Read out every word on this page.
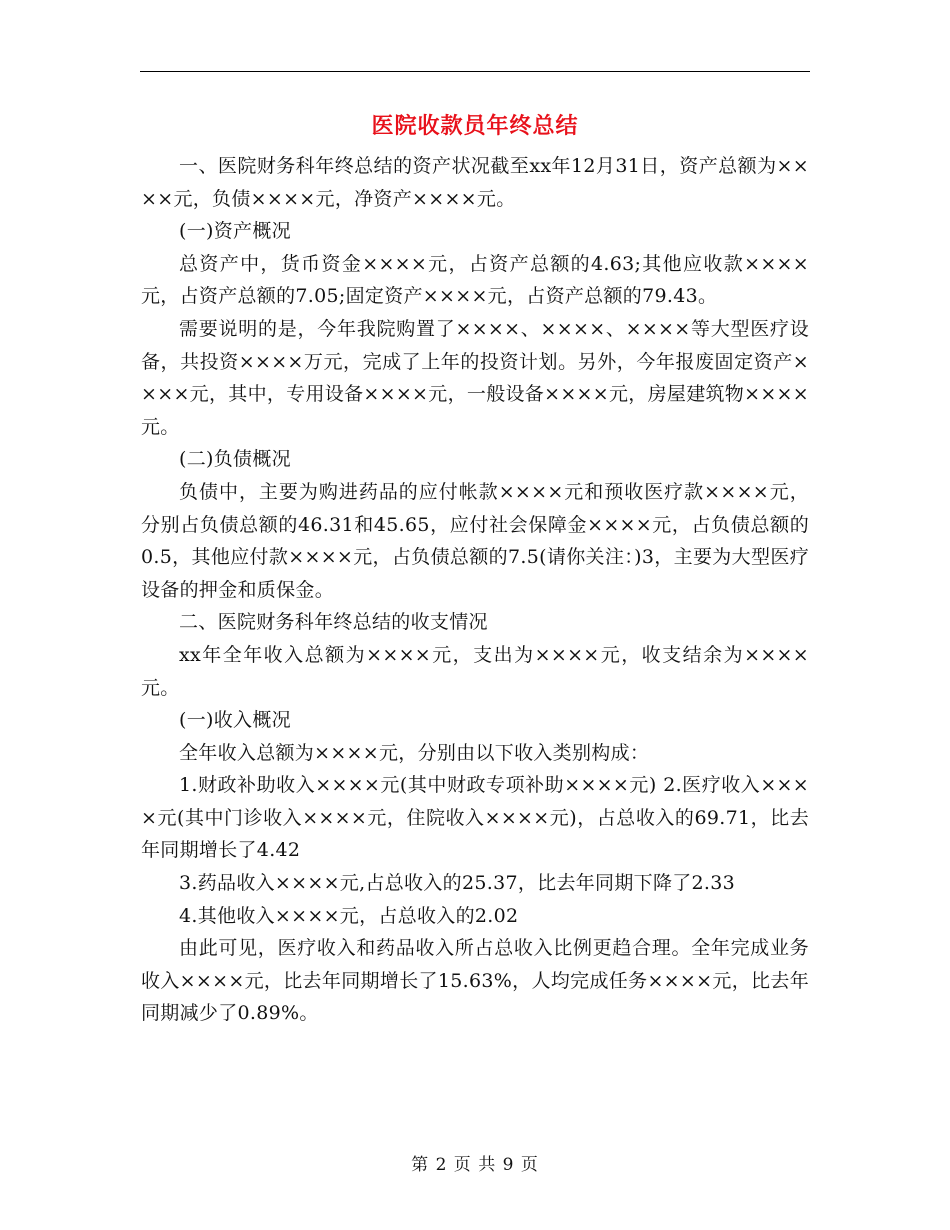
医院收款员年终总结

一、医院财务科年终总结的资产状况截至xx年12月31日，资产总额为××××元，负债××××元，净资产××××元。

(一)资产概况

总资产中，货币资金××××元，占资产总额的4.63;其他应收款××××元，占资产总额的7.05;固定资产××××元，占资产总额的79.43。

需要说明的是，今年我院购置了××××、××××、××××等大型医疗设备，共投资××××万元，完成了上年的投资计划。另外，今年报废固定资产××××元，其中，专用设备××××元，一般设备××××元，房屋建筑物××××元。

(二)负债概况

负债中，主要为购进药品的应付帐款××××元和预收医疗款××××元，分别占负债总额的46.31和45.65，应付社会保障金××××元，占负债总额的0.5，其他应付款××××元，占负债总额的7.5(请你关注：)3，主要为大型医疗设备的押金和质保金。

二、医院财务科年终总结的收支情况

xx年全年收入总额为××××元，支出为××××元，收支结余为××××元。

(一)收入概况

全年收入总额为××××元，分别由以下收入类别构成：

1.财政补助收入××××元(其中财政专项补助××××元) 2.医疗收入××××元(其中门诊收入××××元，住院收入××××元)，占总收入的69.71，比去年同期增长了4.42

3.药品收入××××元,占总收入的25.37，比去年同期下降了2.33

4.其他收入××××元，占总收入的2.02

由此可见，医疗收入和药品收入所占总收入比例更趋合理。全年完成业务收入××××元，比去年同期增长了15.63%，人均完成任务××××元，比去年同期减少了0.89%。

第 2 页 共 9 页
